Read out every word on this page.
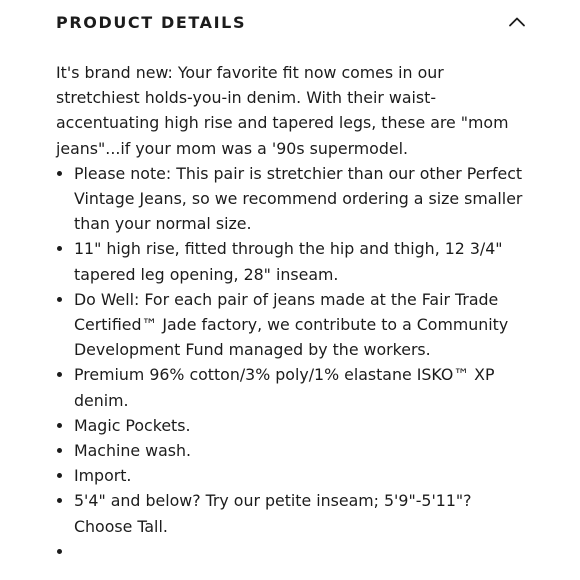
PRODUCT DETAILS

It's brand new: Your favorite fit now comes in our stretchiest holds-you-in denim. With their waist-accentuating high rise and tapered legs, these are "mom jeans"...if your mom was a '90s supermodel.

Please note: This pair is stretchier than our other Perfect Vintage Jeans, so we recommend ordering a size smaller than your normal size.
11" high rise, fitted through the hip and thigh, 12 3/4" tapered leg opening, 28" inseam.
Do Well: For each pair of jeans made at the Fair Trade Certified™ Jade factory, we contribute to a Community Development Fund managed by the workers.
Premium 96% cotton/3% poly/1% elastane ISKO™ XP denim.
Magic Pockets.
Machine wash.
Import.
5'4" and below? Try our petite inseam; 5'9"-5'11"? Choose Tall.
